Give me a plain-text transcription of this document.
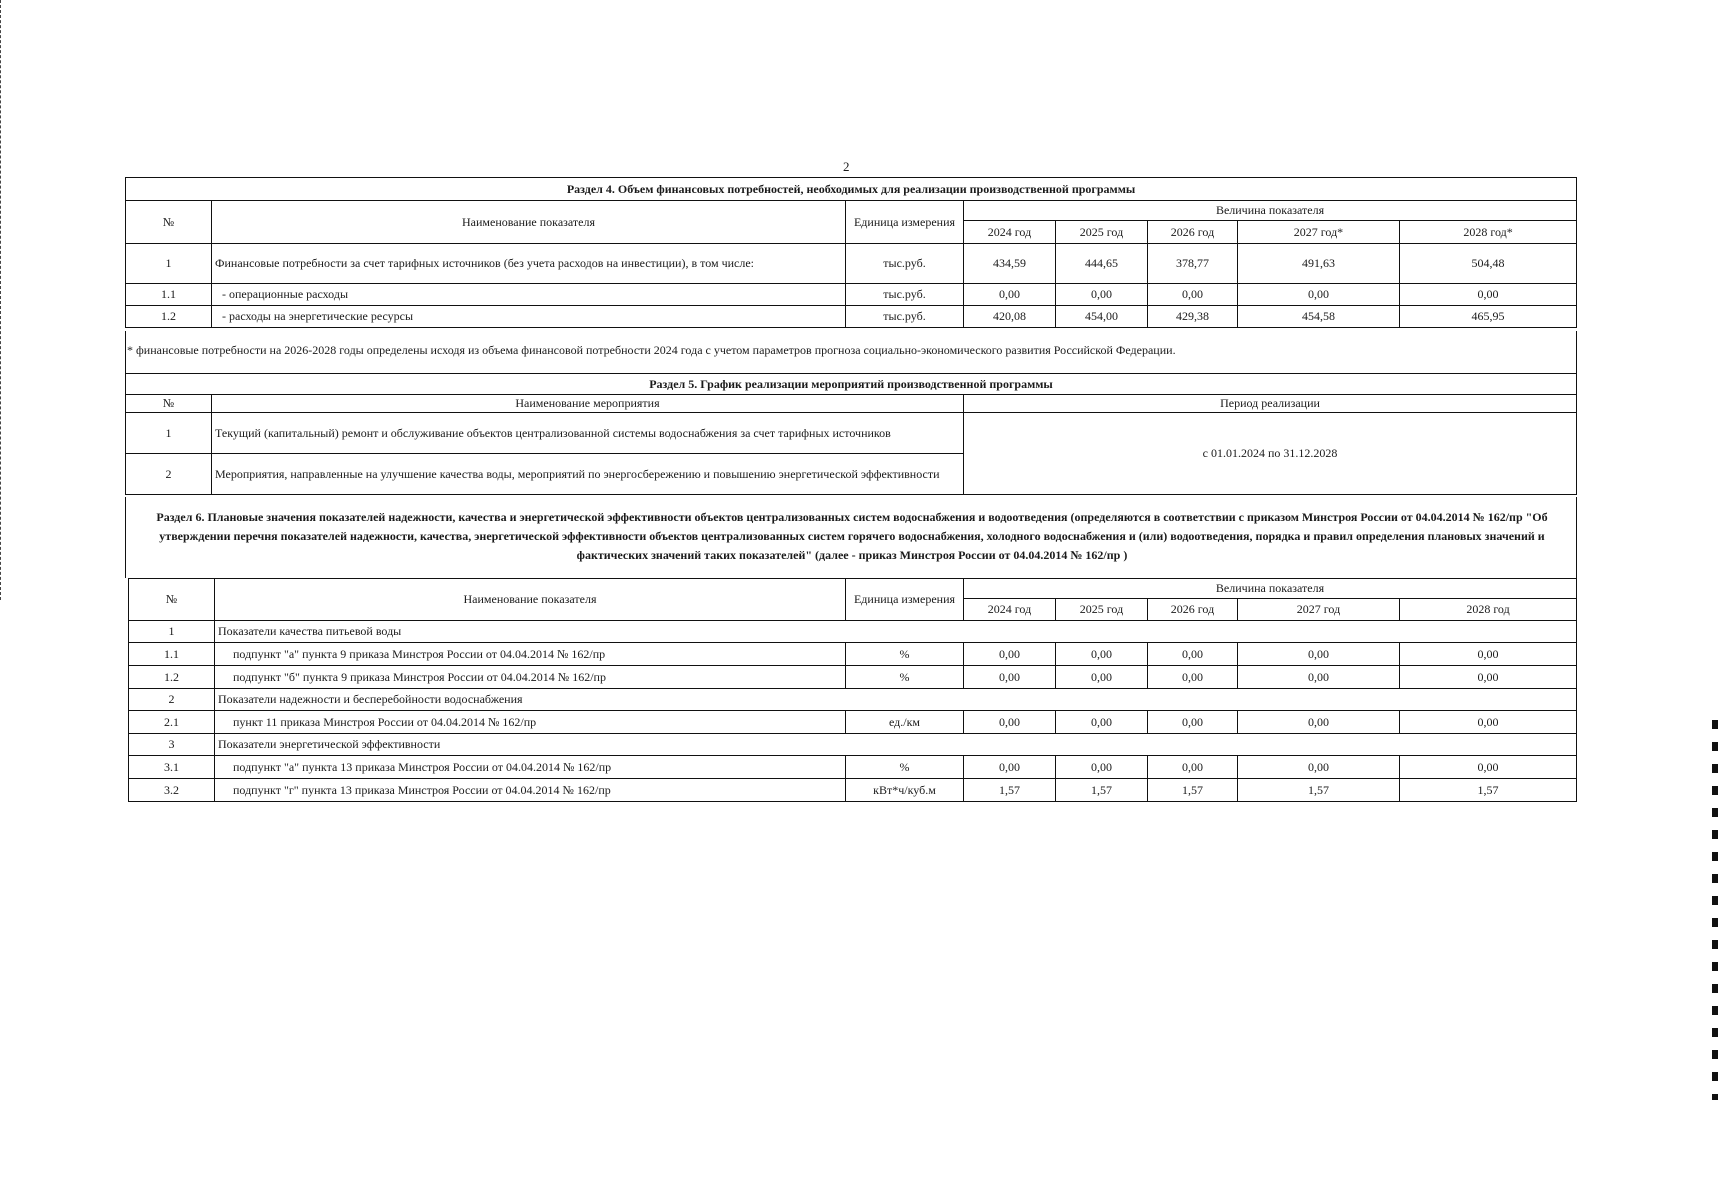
2
Раздел 4. Объем финансовых потребностей, необходимых для реализации производственной программы							
№	Наименование показателя	Единица измерения	Величина показателя				
			2024 год	2025 год	2026 год	2027 год*	2028 год*
1	Финансовые потребности за счет тарифных источников (без учета расходов на инвестиции), в том числе:	тыс.руб.	434,59	444,65	378,77	491,63	504,48
1.1	- операционные расходы	тыс.руб.	0,00	0,00	0,00	0,00	0,00
1.2	- расходы на энергетические ресурсы	тыс.руб.	420,08	454,00	429,38	454,58	465,95
* финансовые потребности на 2026-2028 годы определены исходя из объема финансовой потребности 2024 года с учетом параметров прогноза социально-экономического развития Российской Федерации.
Раздел 5. График реализации мероприятий производственной программы		
№	Наименование мероприятия	Период реализации
1	Текущий (капитальный) ремонт и обслуживание объектов централизованной системы водоснабжения за счет тарифных источников	с 01.01.2024 по 31.12.2028
2	Мероприятия, направленные на улучшение качества воды, мероприятий по энергосбережению и повышению энергетической эффективности	
Раздел 6. Плановые значения показателей надежности, качества и энергетической эффективности объектов централизованных систем водоснабжения и водоотведения (определяются в соответствии с приказом Минстроя России от 04.04.2014 № 162/пр "Об утверждении перечня показателей надежности, качества, энергетической эффективности объектов централизованных систем горячего водоснабжения, холодного водоснабжения и (или) водоотведения, порядка и правил определения плановых значений и фактических значений таких показателей" (далее - приказ Минстроя России от 04.04.2014 № 162/пр )
№	Наименование показателя	Единица измерения	Величина показателя				
			2024 год	2025 год	2026 год	2027 год	2028 год
1	Показатели качества питьевой воды						
1.1	подпункт "а" пункта 9 приказа Минстроя России от 04.04.2014 № 162/пр	%	0,00	0,00	0,00	0,00	0,00
1.2	подпункт "б" пункта 9 приказа Минстроя России от 04.04.2014 № 162/пр	%	0,00	0,00	0,00	0,00	0,00
2	Показатели надежности и бесперебойности водоснабжения						
2.1	пункт 11 приказа Минстроя России от 04.04.2014 № 162/пр	ед./км	0,00	0,00	0,00	0,00	0,00
3	Показатели энергетической эффективности						
3.1	подпункт "а" пункта 13 приказа Минстроя России от 04.04.2014 № 162/пр	%	0,00	0,00	0,00	0,00	0,00
3.2	подпункт "г" пункта 13 приказа Минстроя России от 04.04.2014 № 162/пр	кВт*ч/куб.м	1,57	1,57	1,57	1,57	1,57
